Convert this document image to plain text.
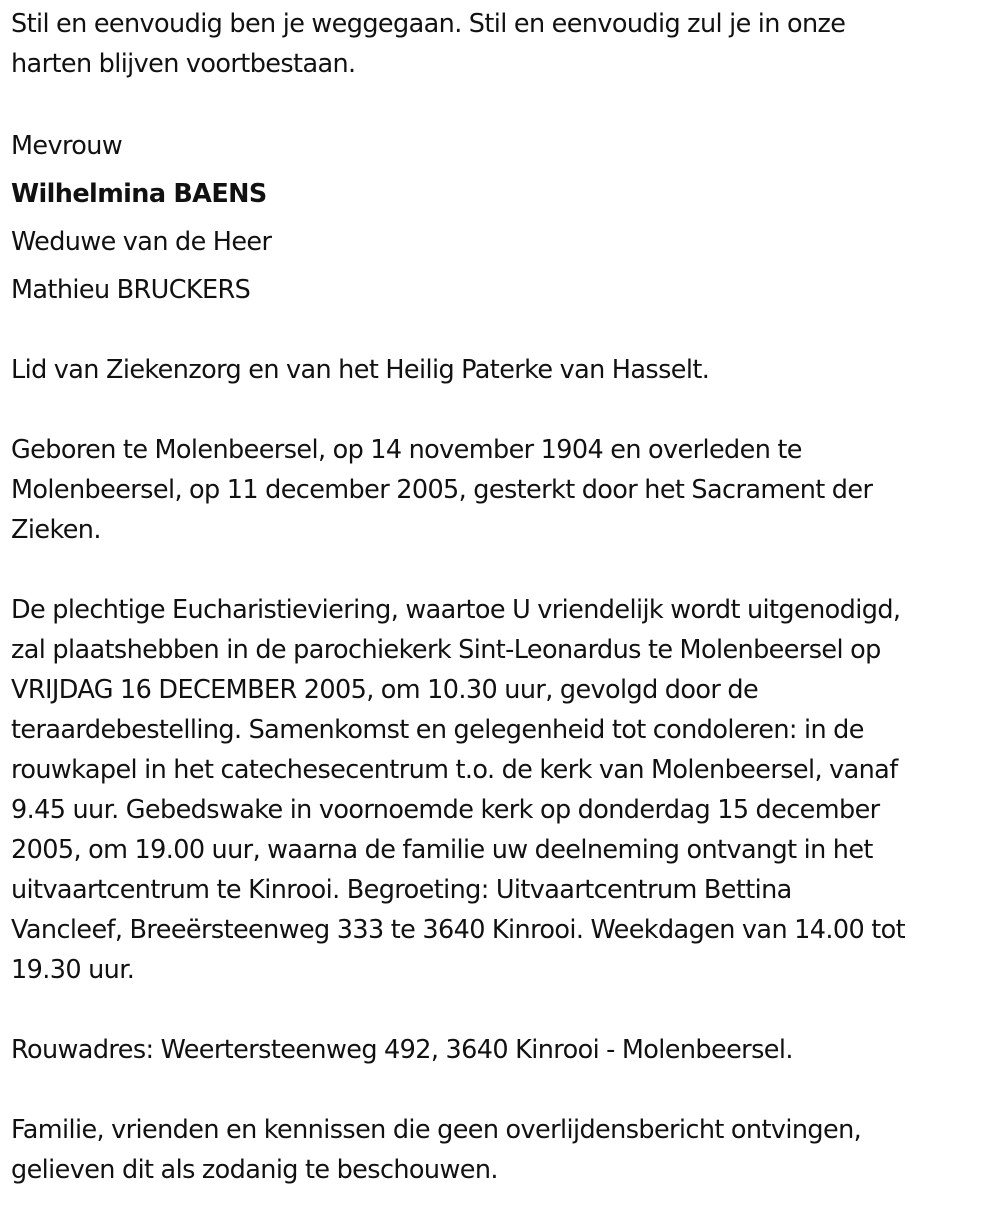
Stil en eenvoudig ben je weggegaan. Stil en eenvoudig zul je in onze
harten blijven voortbestaan.

Mevrouw

Wilhelmina BAENS

Weduwe van de Heer

Mathieu BRUCKERS

Lid van Ziekenzorg en van het Heilig Paterke van Hasselt.

Geboren te Molenbeersel, op 14 november 1904 en overleden te
Molenbeersel, op 11 december 2005, gesterkt door het Sacrament der
Zieken.

De plechtige Eucharistieviering, waartoe U vriendelijk wordt uitgenodigd,
zal plaatshebben in de parochiekerk Sint-Leonardus te Molenbeersel op
VRIJDAG 16 DECEMBER 2005, om 10.30 uur, gevolgd door de
teraardebestelling. Samenkomst en gelegenheid tot condoleren: in de
rouwkapel in het catechesecentrum t.o. de kerk van Molenbeersel, vanaf
9.45 uur. Gebedswake in voornoemde kerk op donderdag 15 december
2005, om 19.00 uur, waarna de familie uw deelneming ontvangt in het
uitvaartcentrum te Kinrooi. Begroeting: Uitvaartcentrum Bettina
Vancleef, Breeërsteenweg 333 te 3640 Kinrooi. Weekdagen van 14.00 tot
19.30 uur.

Rouwadres: Weertersteenweg 492, 3640 Kinrooi - Molenbeersel.

Familie, vrienden en kennissen die geen overlijdensbericht ontvingen,
gelieven dit als zodanig te beschouwen.
